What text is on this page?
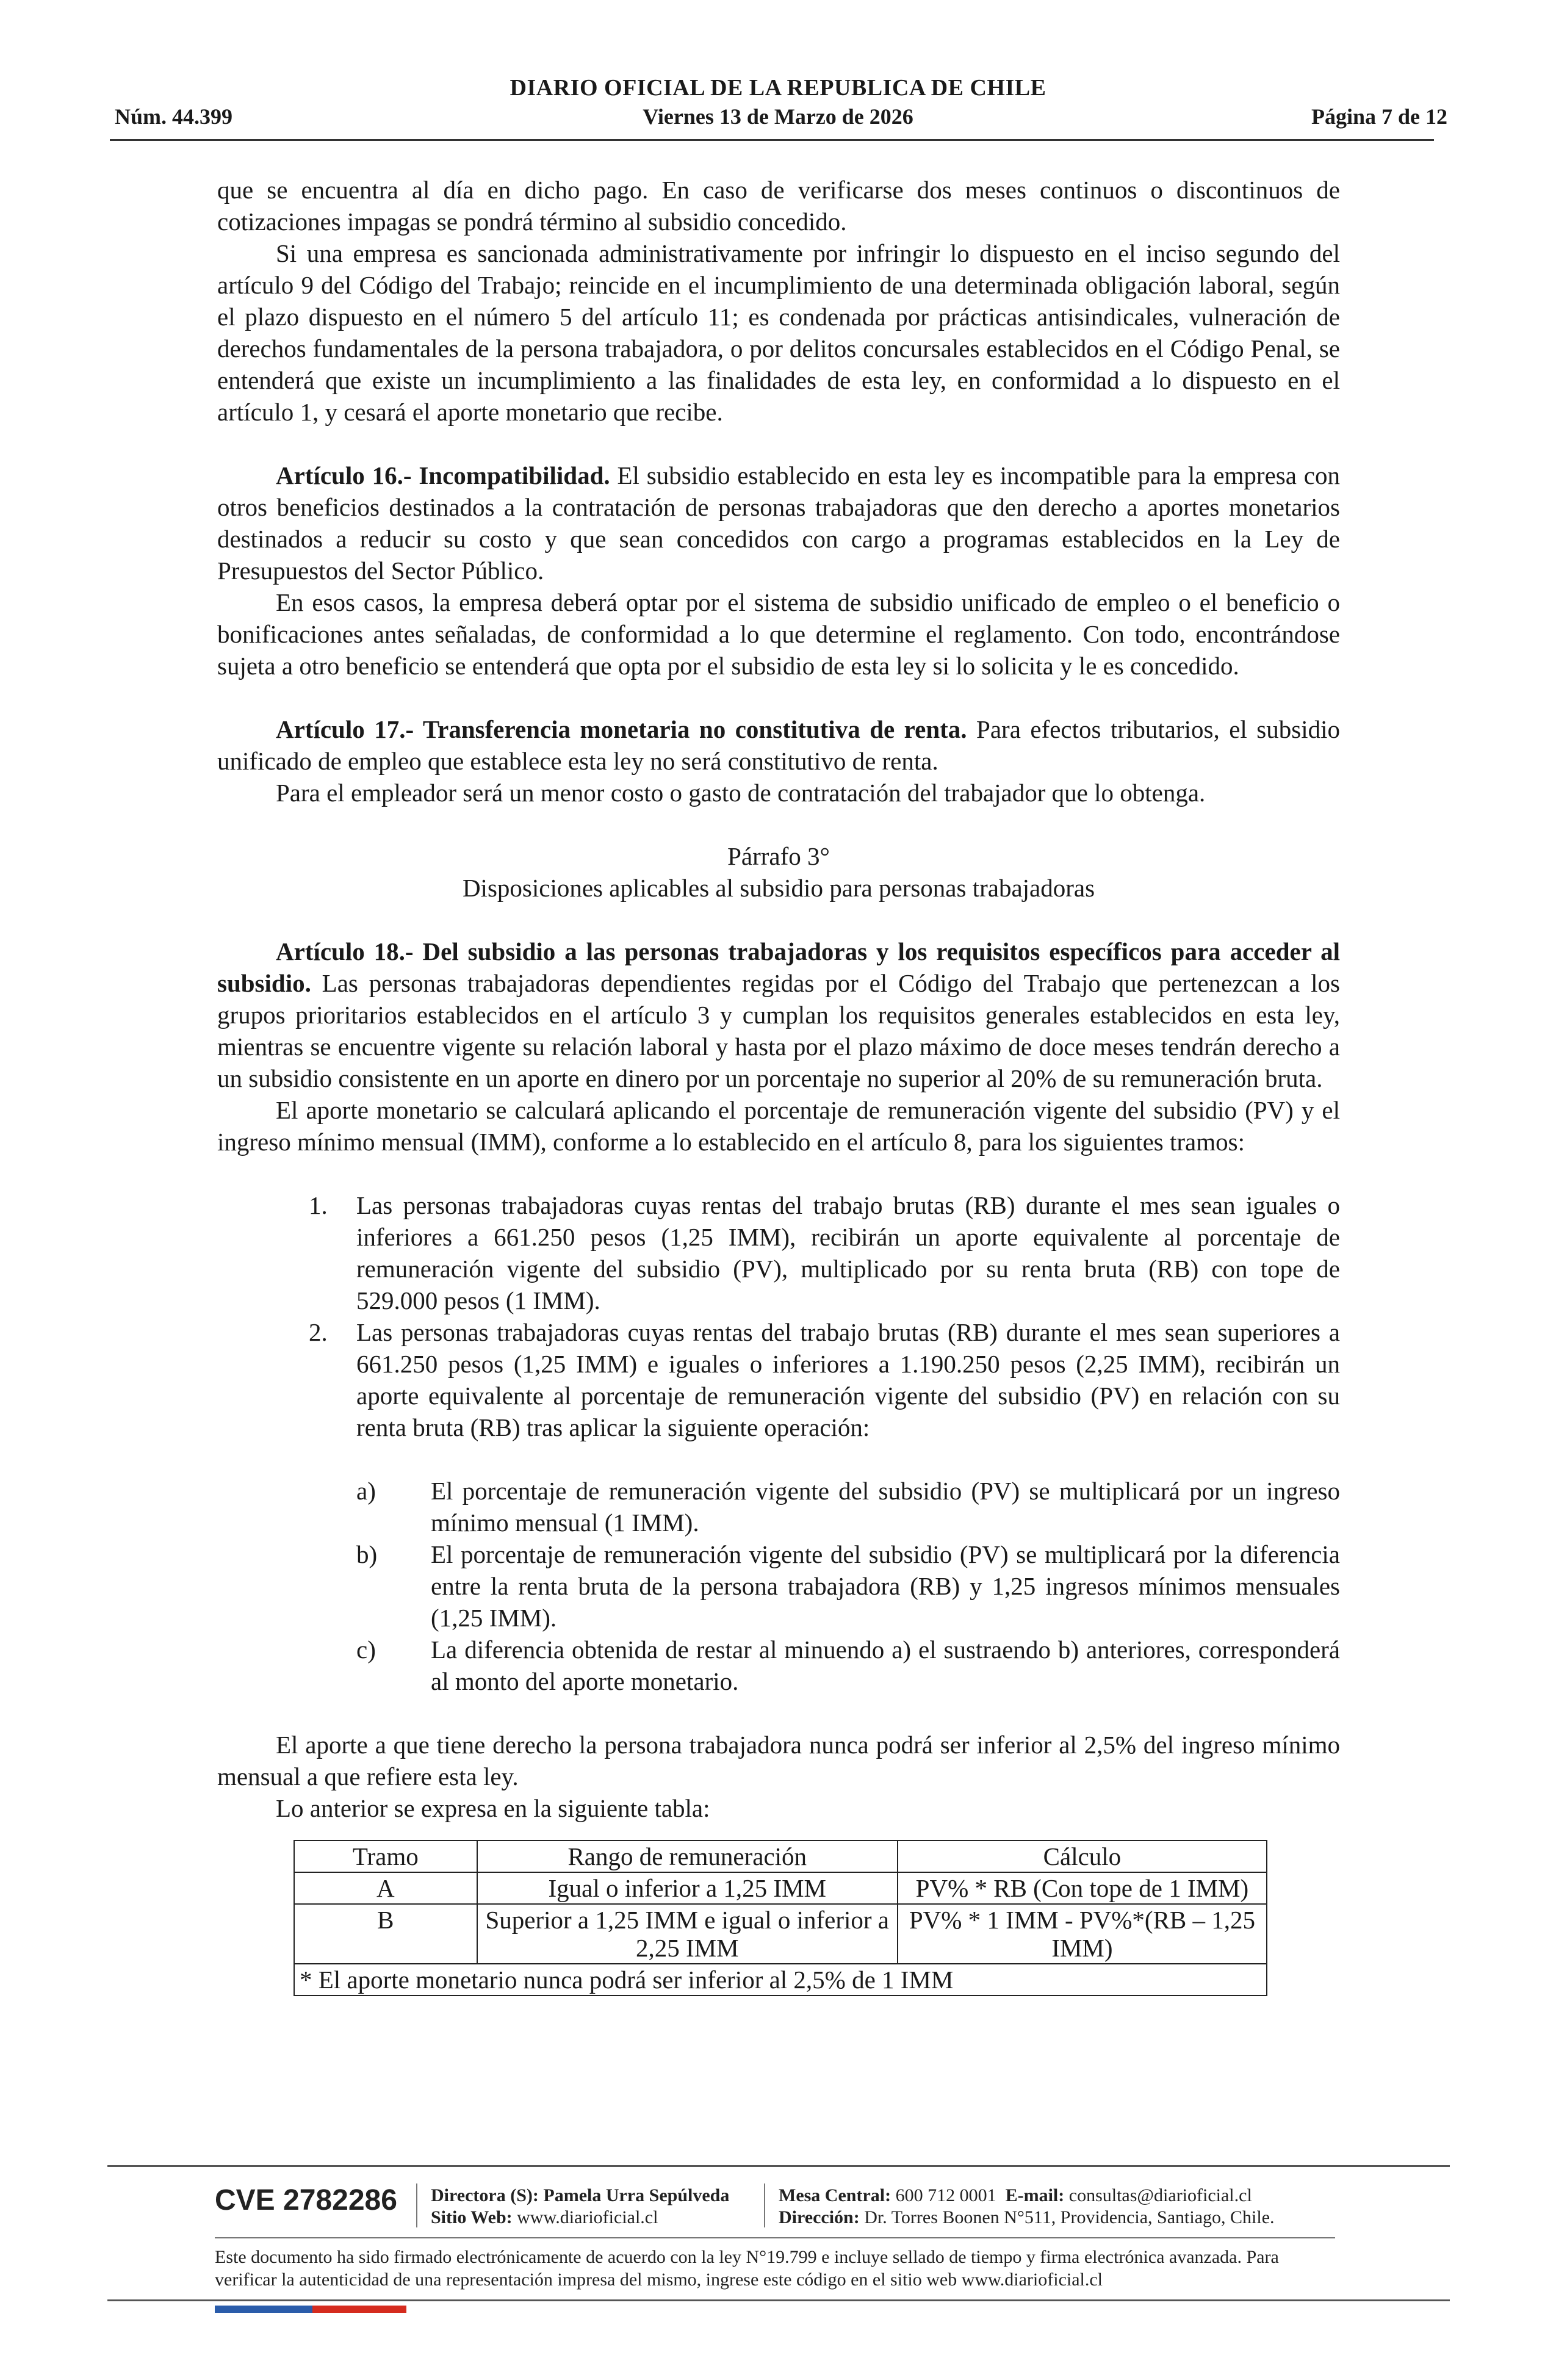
DIARIO OFICIAL DE LA REPUBLICA DE CHILE
Núm. 44.399	Viernes 13 de Marzo de 2026	Página 7 de 12

que se encuentra al día en dicho pago. En caso de verificarse dos meses continuos o discontinuos de cotizaciones impagas se pondrá término al subsidio concedido.

Si una empresa es sancionada administrativamente por infringir lo dispuesto en el inciso segundo del artículo 9 del Código del Trabajo; reincide en el incumplimiento de una determinada obligación laboral, según el plazo dispuesto en el número 5 del artículo 11; es condenada por prácticas antisindicales, vulneración de derechos fundamentales de la persona trabajadora, o por delitos concursales establecidos en el Código Penal, se entenderá que existe un incumplimiento a las finalidades de esta ley, en conformidad a lo dispuesto en el artículo 1, y cesará el aporte monetario que recibe.

Artículo 16.- Incompatibilidad. El subsidio establecido en esta ley es incompatible para la empresa con otros beneficios destinados a la contratación de personas trabajadoras que den derecho a aportes monetarios destinados a reducir su costo y que sean concedidos con cargo a programas establecidos en la Ley de Presupuestos del Sector Público.

En esos casos, la empresa deberá optar por el sistema de subsidio unificado de empleo o el beneficio o bonificaciones antes señaladas, de conformidad a lo que determine el reglamento. Con todo, encontrándose sujeta a otro beneficio se entenderá que opta por el subsidio de esta ley si lo solicita y le es concedido.

Artículo 17.- Transferencia monetaria no constitutiva de renta. Para efectos tributarios, el subsidio unificado de empleo que establece esta ley no será constitutivo de renta.

Para el empleador será un menor costo o gasto de contratación del trabajador que lo obtenga.

Párrafo 3°

Disposiciones aplicables al subsidio para personas trabajadoras

Artículo 18.- Del subsidio a las personas trabajadoras y los requisitos específicos para acceder al subsidio. Las personas trabajadoras dependientes regidas por el Código del Trabajo que pertenezcan a los grupos prioritarios establecidos en el artículo 3 y cumplan los requisitos generales establecidos en esta ley, mientras se encuentre vigente su relación laboral y hasta por el plazo máximo de doce meses tendrán derecho a un subsidio consistente en un aporte en dinero por un porcentaje no superior al 20% de su remuneración bruta.

El aporte monetario se calculará aplicando el porcentaje de remuneración vigente del subsidio (PV) y el ingreso mínimo mensual (IMM), conforme a lo establecido en el artículo 8, para los siguientes tramos:

1. Las personas trabajadoras cuyas rentas del trabajo brutas (RB) durante el mes sean iguales o inferiores a 661.250 pesos (1,25 IMM), recibirán un aporte equivalente al porcentaje de remuneración vigente del subsidio (PV), multiplicado por su renta bruta (RB) con tope de 529.000 pesos (1 IMM).
2. Las personas trabajadoras cuyas rentas del trabajo brutas (RB) durante el mes sean superiores a 661.250 pesos (1,25 IMM) e iguales o inferiores a 1.190.250 pesos (2,25 IMM), recibirán un aporte equivalente al porcentaje de remuneración vigente del subsidio (PV) en relación con su renta bruta (RB) tras aplicar la siguiente operación:
a) El porcentaje de remuneración vigente del subsidio (PV) se multiplicará por un ingreso mínimo mensual (1 IMM).
b) El porcentaje de remuneración vigente del subsidio (PV) se multiplicará por la diferencia entre la renta bruta de la persona trabajadora (RB) y 1,25 ingresos mínimos mensuales (1,25 IMM).
c) La diferencia obtenida de restar al minuendo a) el sustraendo b) anteriores, corresponderá al monto del aporte monetario.

El aporte a que tiene derecho la persona trabajadora nunca podrá ser inferior al 2,5% del ingreso mínimo mensual a que refiere esta ley.

Lo anterior se expresa en la siguiente tabla:

Tramo	Rango de remuneración	Cálculo
A	Igual o inferior a 1,25 IMM	PV% * RB (Con tope de 1 IMM)
B	Superior a 1,25 IMM e igual o inferior a 2,25 IMM	PV% * 1 IMM - PV%*(RB – 1,25 IMM)
* El aporte monetario nunca podrá ser inferior al 2,5% de 1 IMM		
CVE 2782286 Directora (S): Pamela Urra Sepúlveda
Sitio Web: www.diarioficial.cl
Mesa Central: 600 712 0001 E-mail: consultas@diarioficial.cl
Dirección: Dr. Torres Boonen N°511, Providencia, Santiago, Chile.
Este documento ha sido firmado electrónicamente de acuerdo con la ley N°19.799 e incluye sellado de tiempo y firma electrónica avanzada. Para verificar la autenticidad de una representación impresa del mismo, ingrese este código en el sitio web www.diarioficial.cl
